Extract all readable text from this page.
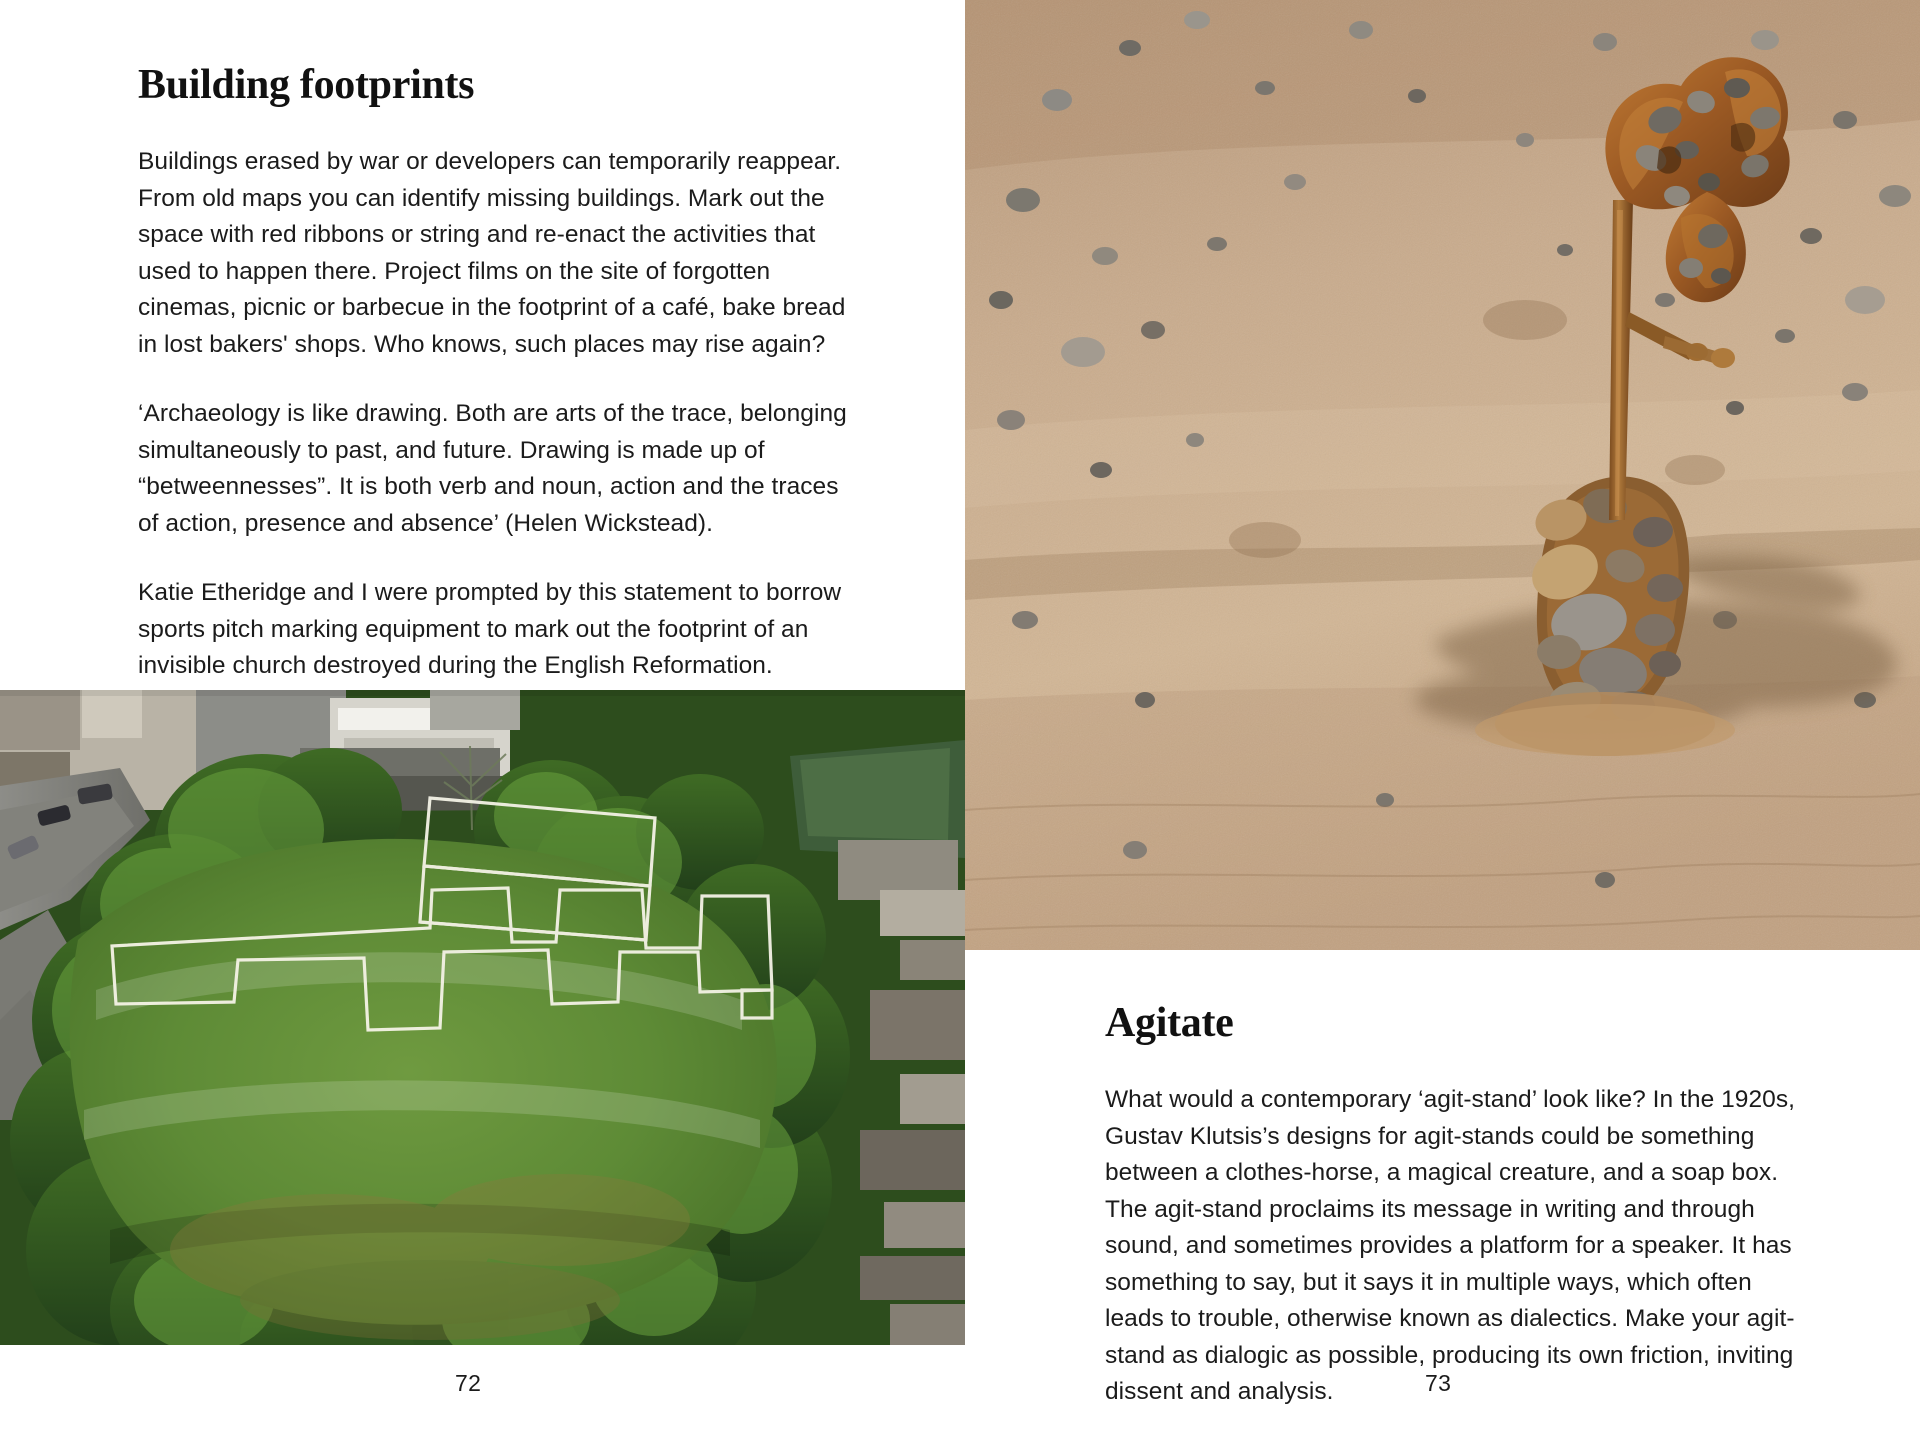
Building footprints

Buildings erased by war or developers can temporarily reappear. From old maps you can identify missing buildings. Mark out the space with red ribbons or string and re-enact the activities that used to happen there. Project films on the site of forgotten cinemas, picnic or barbecue in the footprint of a café, bake bread in lost bakers' shops. Who knows, such places may rise again?

‘Archaeology is like drawing. Both are arts of the trace, belonging simultaneously to past, and future. Drawing is made up of “betweennesses”. It is both verb and noun, action and the traces of action, presence and absence’ (Helen Wickstead).

Katie Etheridge and I were prompted by this statement to borrow sports pitch marking equipment to mark out the footprint of an invisible church destroyed during the English Reformation.

72
Agitate

What would a contemporary ‘agit-stand’ look like? In the 1920s, Gustav Klutsis’s designs for agit-stands could be something between a clothes-horse, a magical creature, and a soap box. The agit-stand proclaims its message in writing and through sound, and sometimes provides a platform for a speaker. It has something to say, but it says it in multiple ways, which often leads to trouble, otherwise known as dialectics. Make your agit-stand as dialogic as possible, producing its own friction, inviting dissent and analysis.	73
